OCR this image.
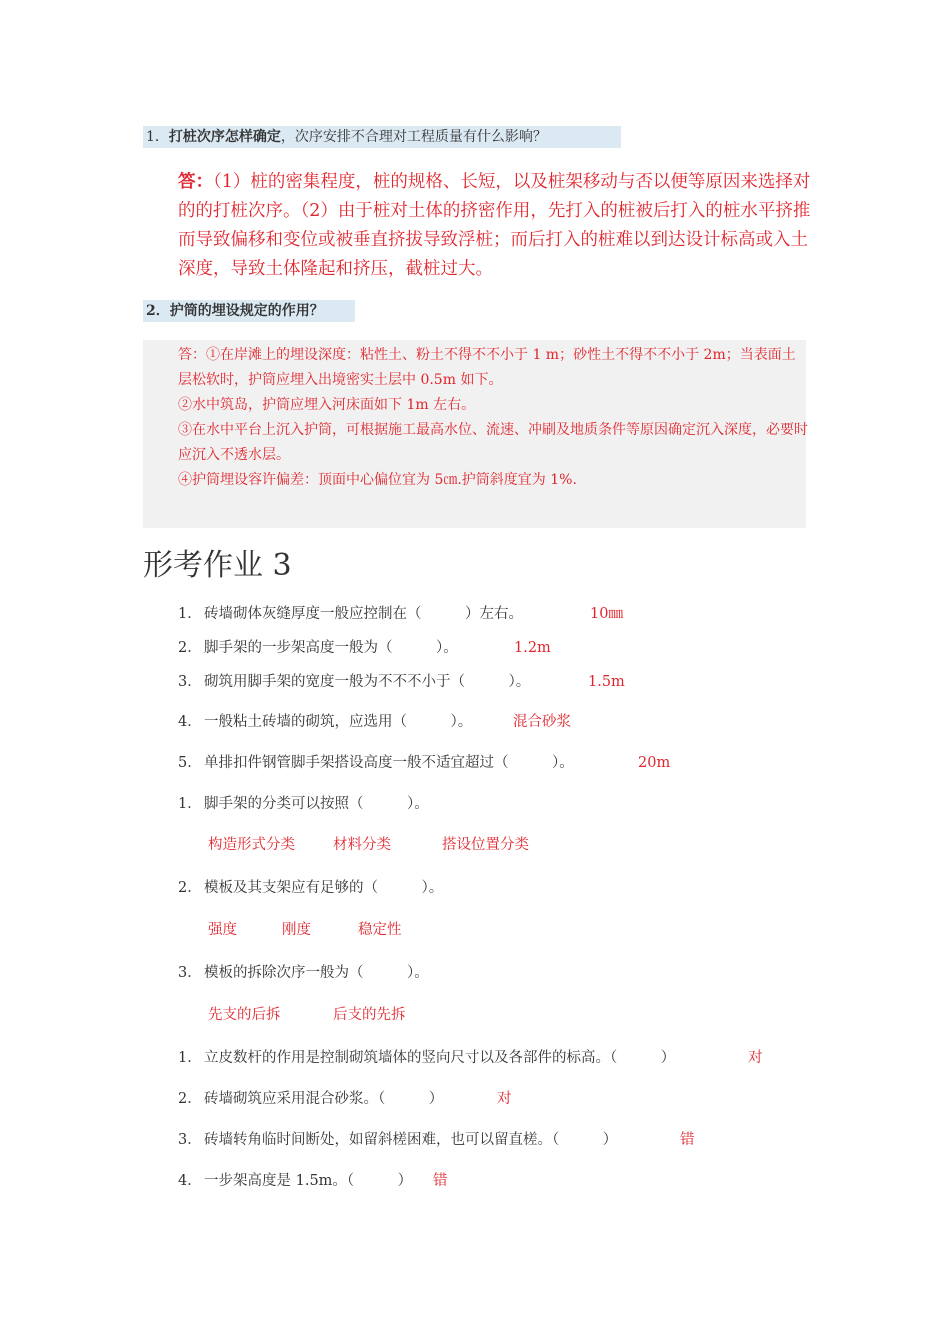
1．打桩次序怎样确定，次序安排不合理对工程质量有什么影响？

答：（1）桩的密集程度，桩的规格、长短，以及桩架移动与否以便等原因来选择对的的打桩次序。（2）由于桩对土体的挤密作用，先打入的桩被后打入的桩水平挤推而导致偏移和变位或被垂直挤拔导致浮桩；而后打入的桩难以到达设计标高或入土深度，导致土体隆起和挤压，截桩过大。

2．护筒的埋设规定的作用？

答：①在岸滩上的埋设深度：粘性土、粉土不得不不小于 1 m；砂性土不得不不小于 2m；当表面土层松软时，护筒应埋入出境密实土层中 0.5m 如下。

②水中筑岛，护筒应埋入河床面如下 1m 左右。

③在水中平台上沉入护筒，可根据施工最高水位、流速、冲刷及地质条件等原因确定沉入深度，必要时应沉入不透水层。

④护筒埋设容许偏差：顶面中心偏位宜为 5㎝.护筒斜度宜为 1%.

形考作业 3
1． 砖墙砌体灰缝厚度一般应控制在（　　　）左右。	10㎜
2． 脚手架的一步架高度一般为（　　　）。	1.2m
3． 砌筑用脚手架的宽度一般为不不不小于（　　　）。	1.5m
4． 一般粘土砖墙的砌筑，应选用（　　　）。	混合砂浆
5． 单排扣件钢管脚手架搭设高度一般不适宜超过（　　　）。	20m
1． 脚手架的分类可以按照（　　　）。
构造形式分类	材料分类	搭设位置分类
2． 模板及其支架应有足够的（　　　）。
强度	刚度	稳定性
3． 模板的拆除次序一般为（　　　）。
先支的后拆	后支的先拆
1． 立皮数杆的作用是控制砌筑墙体的竖向尺寸以及各部件的标高。（　　　）	对
2． 砖墙砌筑应采用混合砂浆。（　　　）	对
3． 砖墙转角临时间断处，如留斜槎困难，也可以留直槎。（　　　）	错
4． 一步架高度是 1.5m。（　　　） 错
